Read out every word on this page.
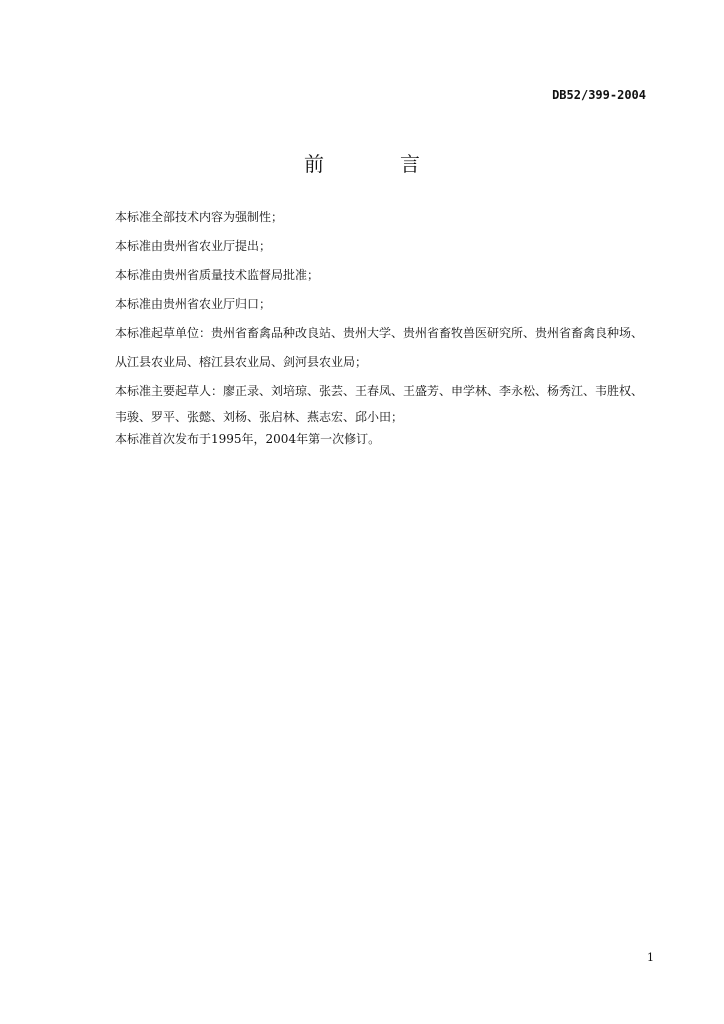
DB52/399-2004
前	言
本标准全部技术内容为强制性；
本标准由贵州省农业厅提出；
本标准由贵州省质量技术监督局批准；
本标准由贵州省农业厅归口；
本标准起草单位：贵州省畜禽品种改良站、贵州大学、贵州省畜牧兽医研究所、贵州省畜禽良种场、
从江县农业局、榕江县农业局、剑河县农业局；
本标准主要起草人：廖正录、刘培琼、张芸、王春凤、王盛芳、申学林、李永松、杨秀江、韦胜权、
韦骏、罗平、张懿、刘杨、张启林、燕志宏、邱小田；
本标准首次发布于1995年，2004年第一次修订。
1
